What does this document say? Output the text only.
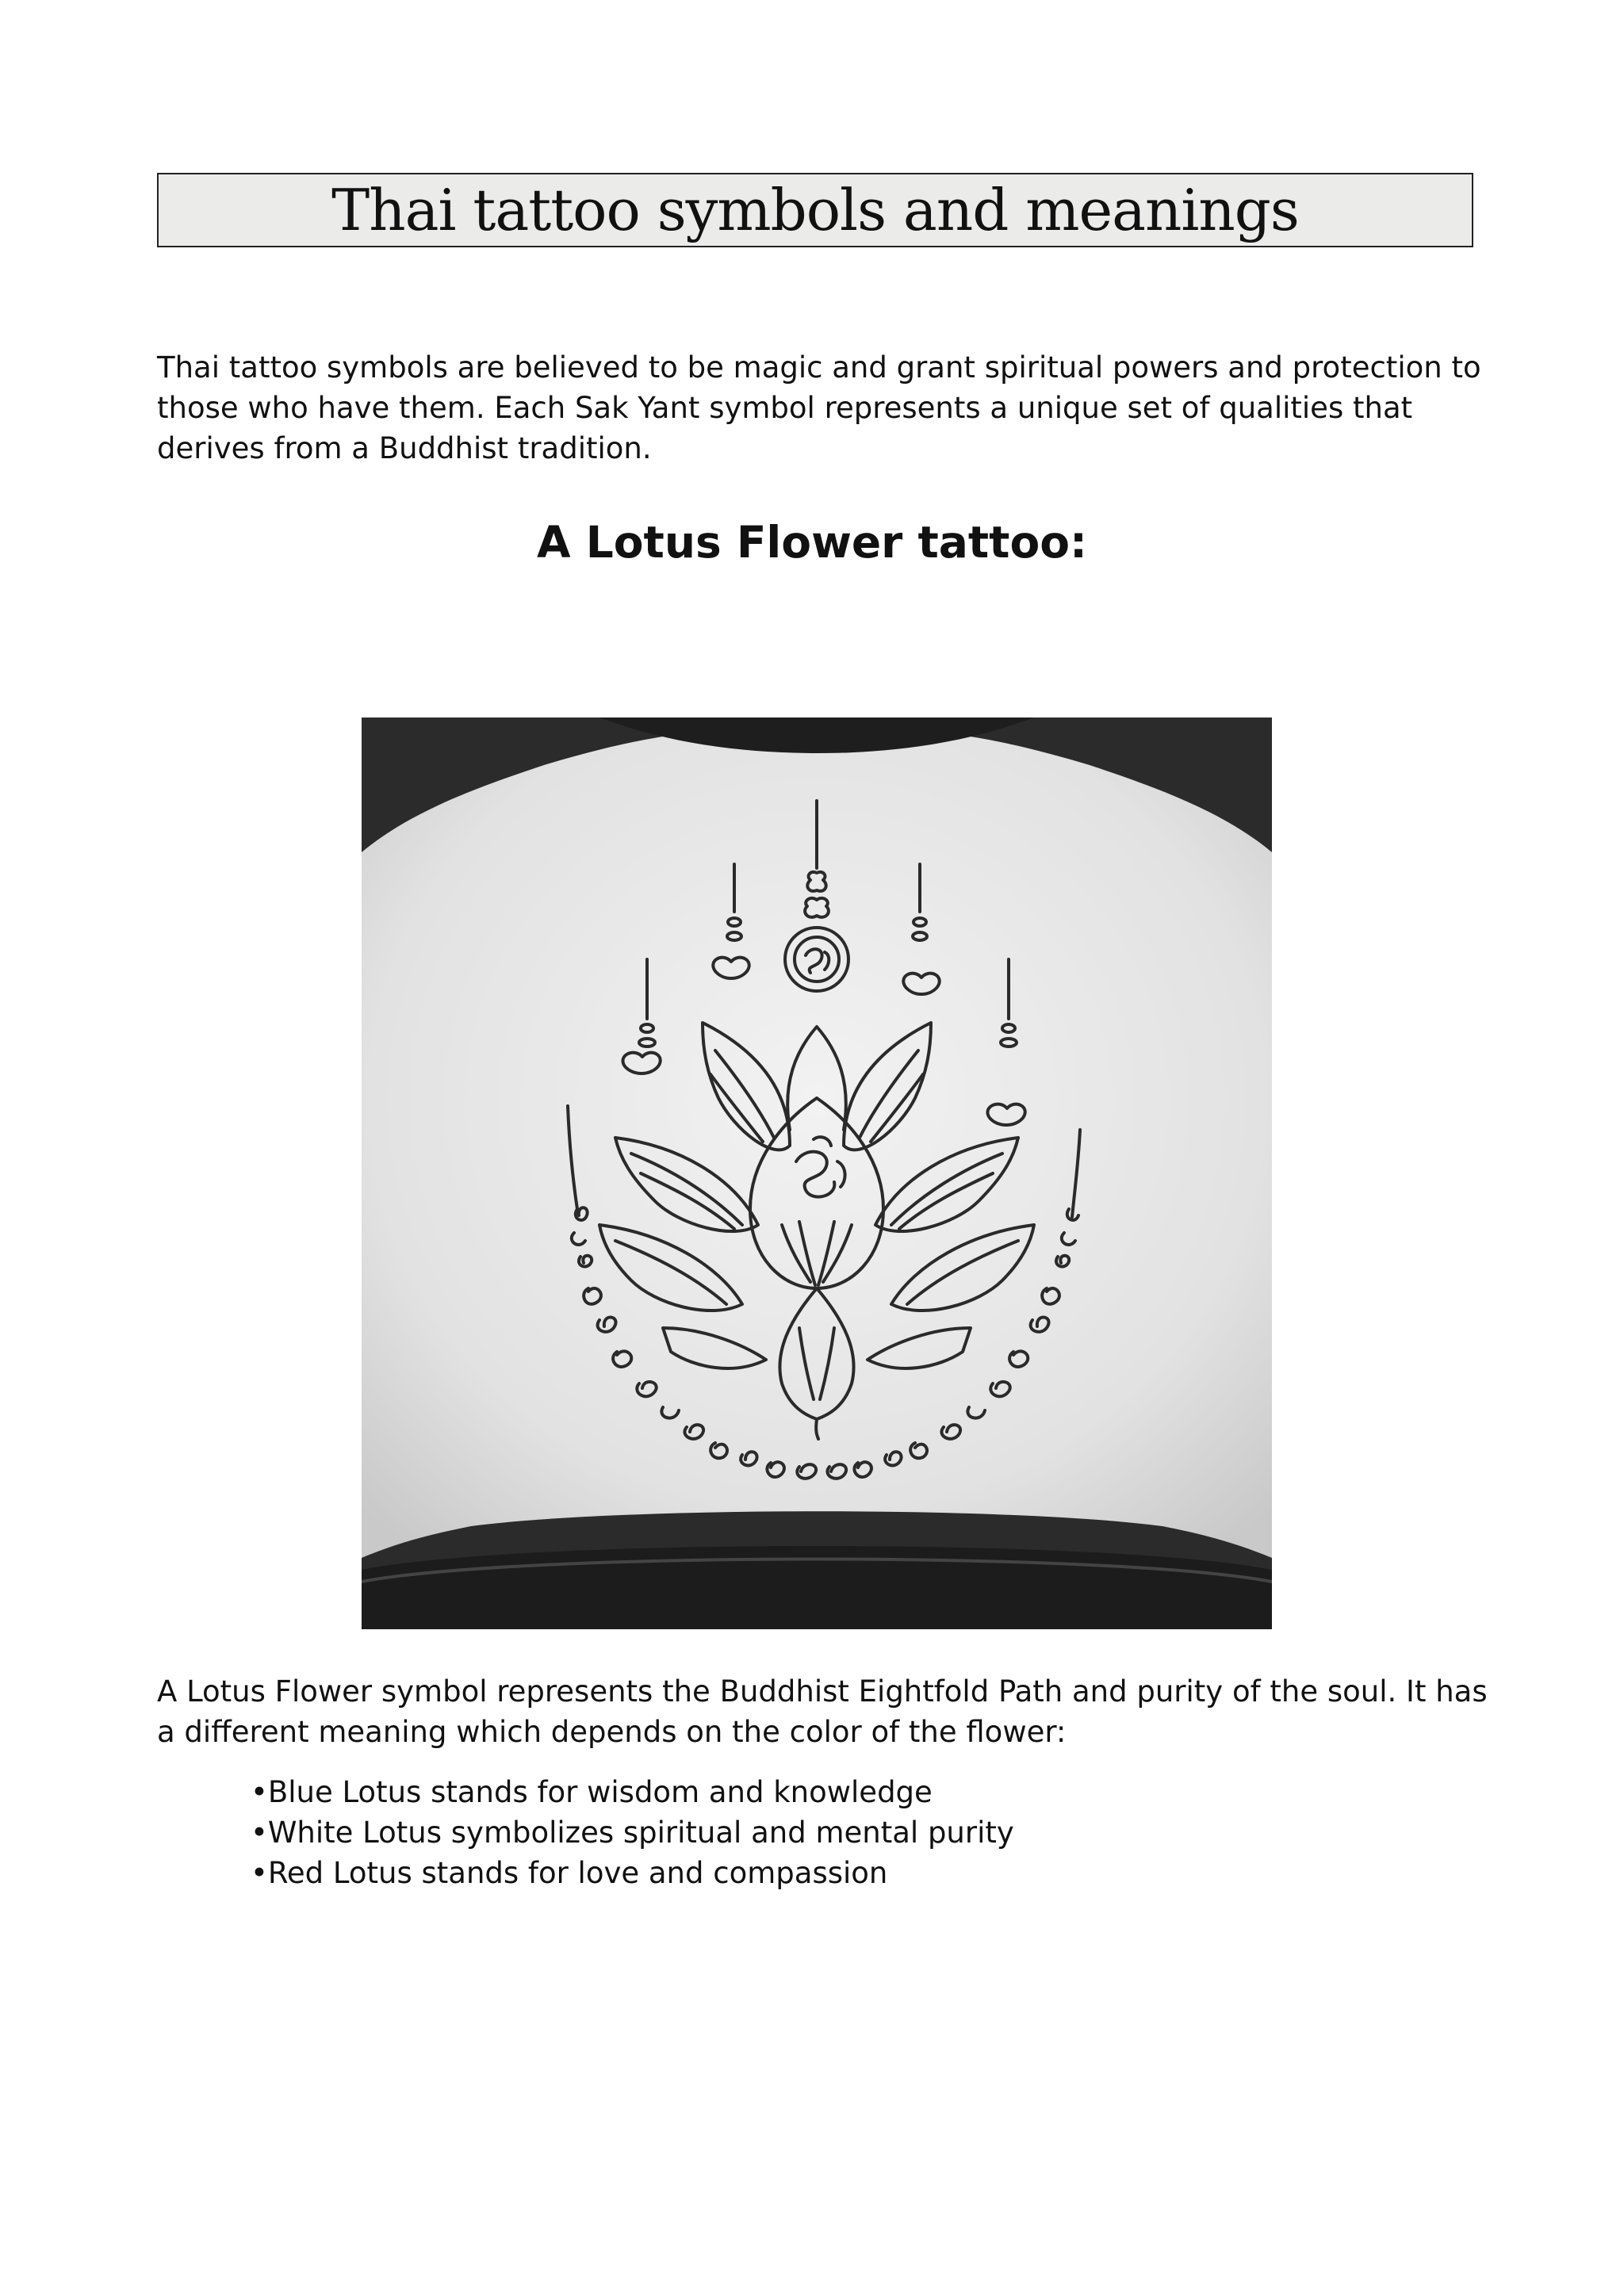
Thai tattoo symbols and meanings

Thai tattoo symbols are believed to be magic and grant spiritual powers and protection to those who have them. Each Sak Yant symbol represents a unique set of qualities that derives from a Buddhist tradition.

A Lotus Flower tattoo:

A Lotus Flower symbol represents the Buddhist Eightfold Path and purity of the soul. It has a different meaning which depends on the color of the flower:

• Blue Lotus stands for wisdom and knowledge
• White Lotus symbolizes spiritual and mental purity
• Red Lotus stands for love and compassion
